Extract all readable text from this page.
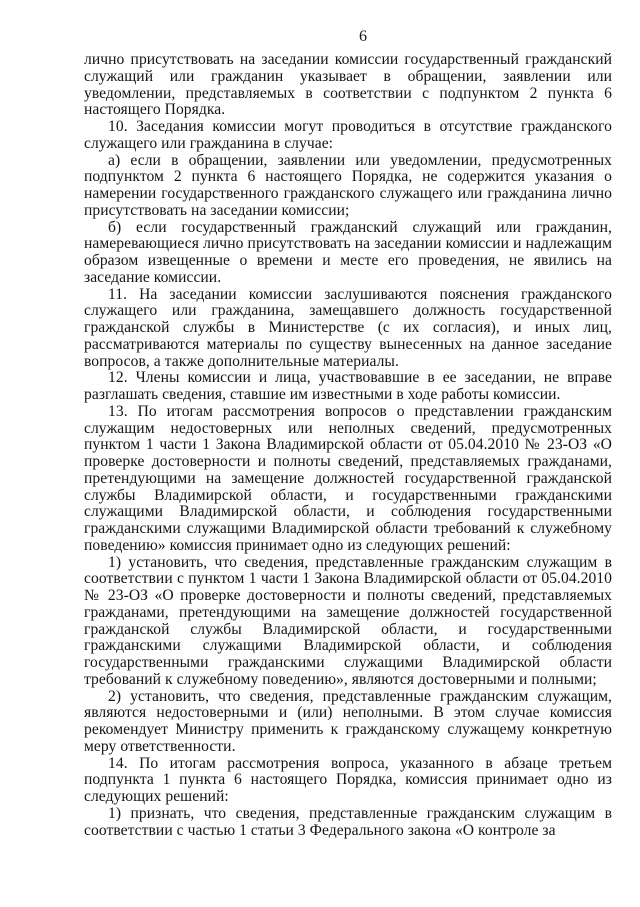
6

лично присутствовать на заседании комиссии государственный гражданский служащий или гражданин указывает в обращении, заявлении или уведомлении, представляемых в соответствии с подпунктом 2 пункта 6 настоящего Порядка.

10. Заседания комиссии могут проводиться в отсутствие гражданского служащего или гражданина в случае:

а) если в обращении, заявлении или уведомлении, предусмотренных подпунктом 2 пункта 6 настоящего Порядка, не содержится указания о намерении государственного гражданского служащего или гражданина лично присутствовать на заседании комиссии;

б) если государственный гражданский служащий или гражданин, намеревающиеся лично присутствовать на заседании комиссии и надлежащим образом извещенные о времени и месте его проведения, не явились на заседание комиссии.

11. На заседании комиссии заслушиваются пояснения гражданского служащего или гражданина, замещавшего должность государственной гражданской службы в Министерстве (с их согласия), и иных лиц, рассматриваются материалы по существу вынесенных на данное заседание вопросов, а также дополнительные материалы.

12. Члены комиссии и лица, участвовавшие в ее заседании, не вправе разглашать сведения, ставшие им известными в ходе работы комиссии.

13. По итогам рассмотрения вопросов о представлении гражданским служащим недостоверных или неполных сведений, предусмотренных пунктом 1 части 1 Закона Владимирской области от 05.04.2010 № 23-ОЗ «О проверке достоверности и полноты сведений, представляемых гражданами, претендующими на замещение должностей государственной гражданской службы Владимирской области, и государственными гражданскими служащими Владимирской области, и соблюдения государственными гражданскими служащими Владимирской области требований к служебному поведению» комиссия принимает одно из следующих решений:

1) установить, что сведения, представленные гражданским служащим в соответствии с пунктом 1 части 1 Закона Владимирской области от 05.04.2010 № 23-ОЗ «О проверке достоверности и полноты сведений, представляемых гражданами, претендующими на замещение должностей государственной гражданской службы Владимирской области, и государственными гражданскими служащими Владимирской области, и соблюдения государственными гражданскими служащими Владимирской области требований к служебному поведению», являются достоверными и полными;

2) установить, что сведения, представленные гражданским служащим, являются недостоверными и (или) неполными. В этом случае комиссия рекомендует Министру применить к гражданскому служащему конкретную меру ответственности.

14. По итогам рассмотрения вопроса, указанного в абзаце третьем подпункта 1 пункта 6 настоящего Порядка, комиссия принимает одно из следующих решений:

1) признать, что сведения, представленные гражданским служащим в соответствии с частью 1 статьи 3 Федерального закона «О контроле за
